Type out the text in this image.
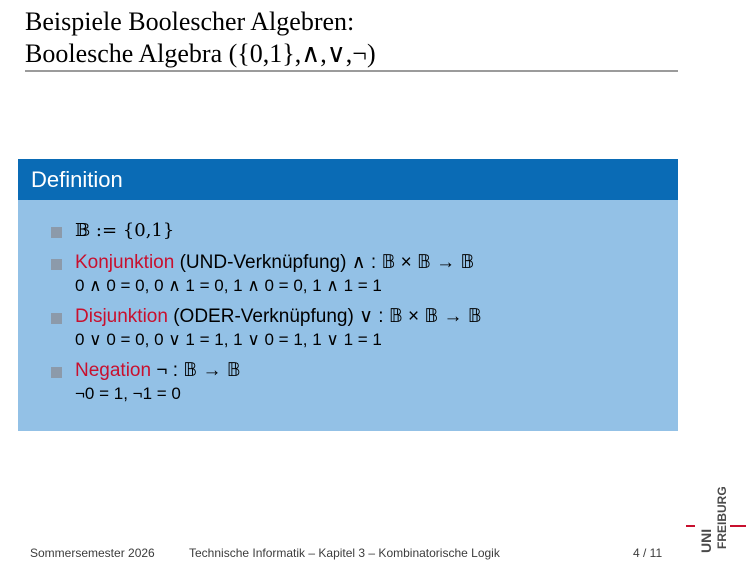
Beispiele Boolescher Algebren:
Boolesche Algebra ({0,1},∧,∨,¬)
Definition
𝔹 := {0,1}
Konjunktion (UND-Verknüpfung) ∧ : 𝔹 × 𝔹 → 𝔹
0 ∧ 0 = 0, 0 ∧ 1 = 0, 1 ∧ 0 = 0, 1 ∧ 1 = 1
Disjunktion (ODER-Verknüpfung) ∨ : 𝔹 × 𝔹 → 𝔹
0 ∨ 0 = 0, 0 ∨ 1 = 1, 1 ∨ 0 = 1, 1 ∨ 1 = 1
Negation ¬ : 𝔹 → 𝔹
¬0 = 1, ¬1 = 0
Sommersemester 2026	Technische Informatik – Kapitel 3 – Kombinatorische Logik	4 / 11	UNI FREIBURG
